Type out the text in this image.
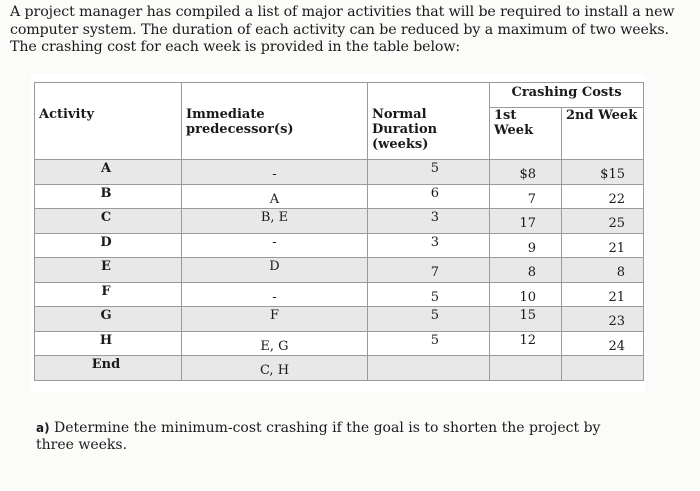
A project manager has compiled a list of major activities that will be required to install a new computer system. The duration of each activity can be reduced by a maximum of two weeks. The crashing cost for each week is provided in the table below:
Activity	Immediate predecessor(s)	Normal Duration (weeks)	Crashing Costs	
			1st Week	2nd Week
A	-	5	$8	$15
B	A	6	7	22
C	B, E	3	17	25
D	-	3	9	21
E	D	7	8	8
F	-	5	10	21
G	F	5	15	23
H	E, G	5	12	24
End	C, H			
a) Determine the minimum-cost crashing if the goal is to shorten the project by three weeks.
